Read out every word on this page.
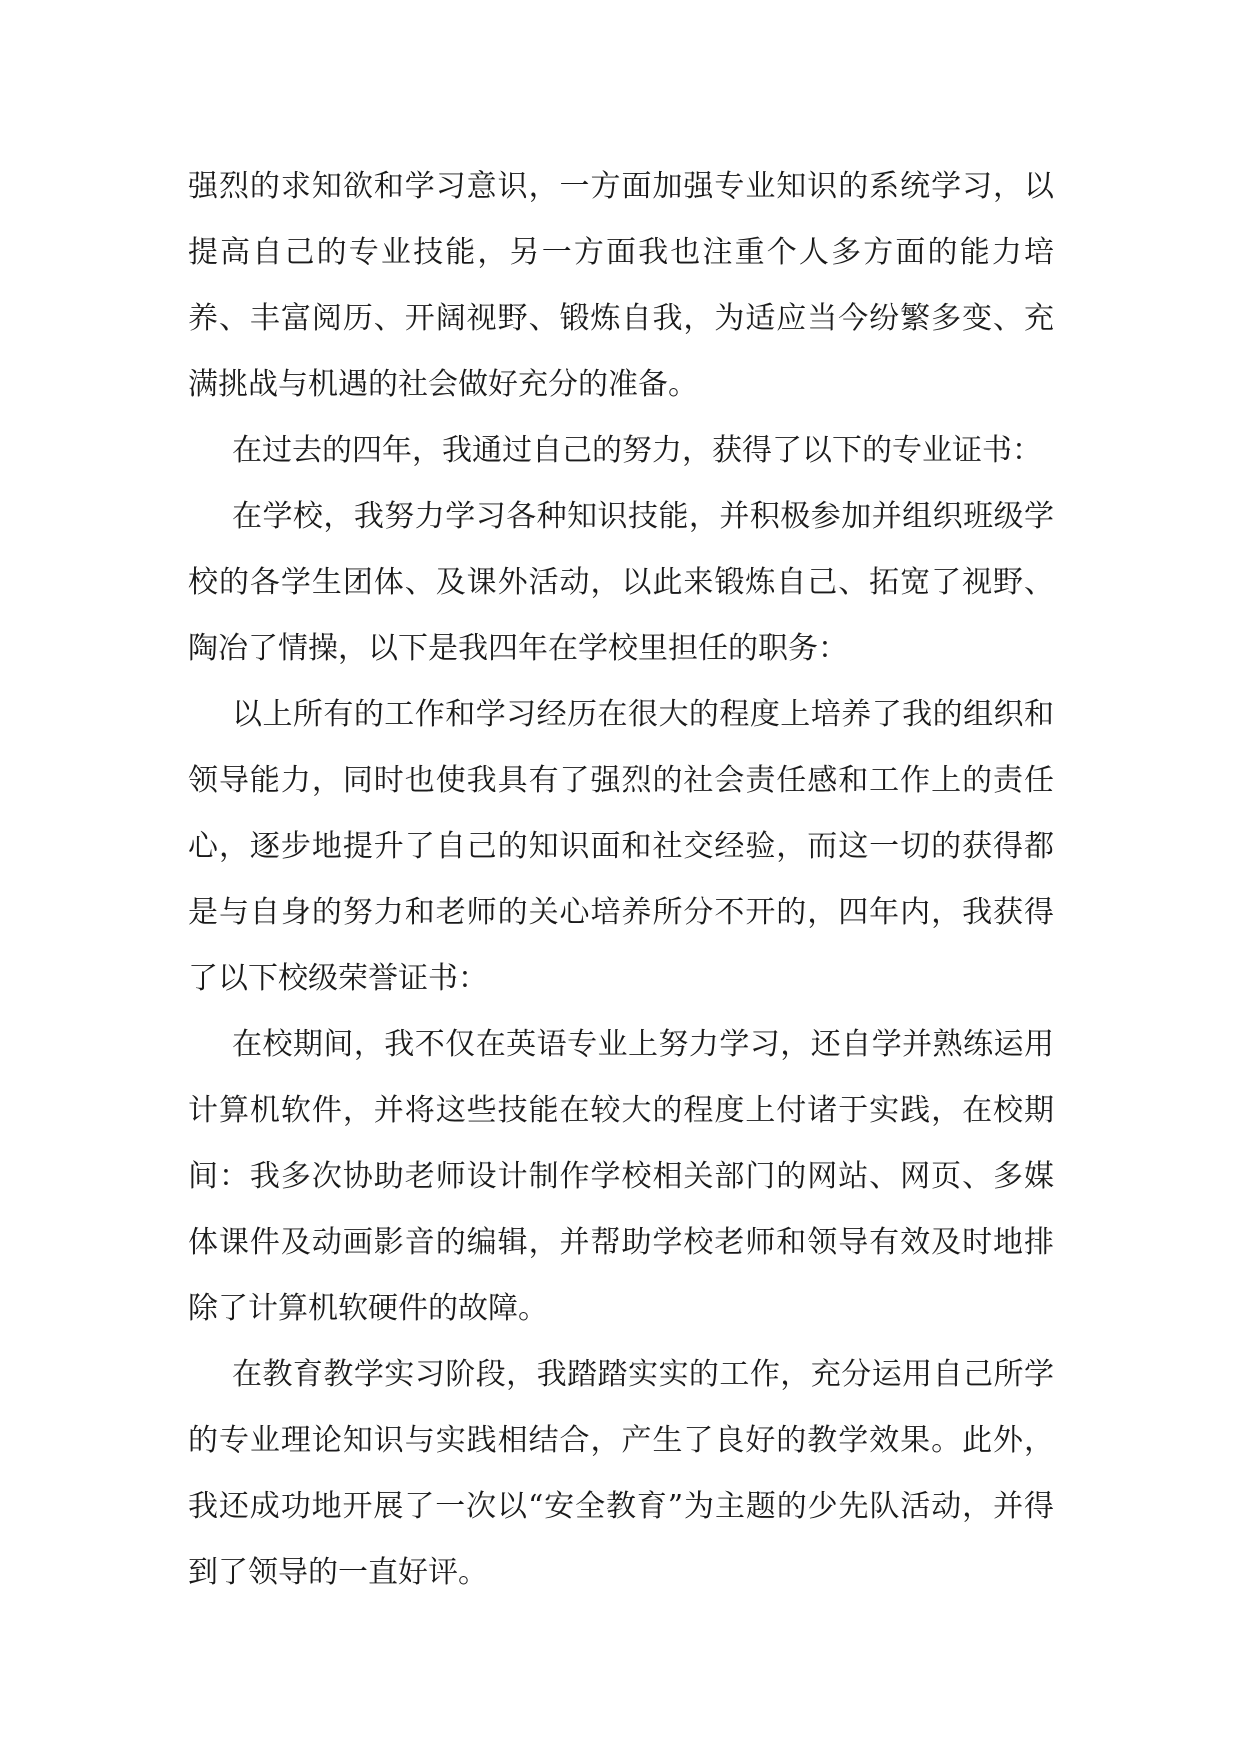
强烈的求知欲和学习意识，一方面加强专业知识的系统学习，以提高自己的专业技能，另一方面我也注重个人多方面的能力培养、丰富阅历、开阔视野、锻炼自我，为适应当今纷繁多变、充满挑战与机遇的社会做好充分的准备。

在过去的四年，我通过自己的努力，获得了以下的专业证书：

在学校，我努力学习各种知识技能，并积极参加并组织班级学校的各学生团体、及课外活动，以此来锻炼自己、拓宽了视野、陶冶了情操，以下是我四年在学校里担任的职务：

以上所有的工作和学习经历在很大的程度上培养了我的组织和领导能力，同时也使我具有了强烈的社会责任感和工作上的责任心，逐步地提升了自己的知识面和社交经验，而这一切的获得都是与自身的努力和老师的关心培养所分不开的，四年内，我获得了以下校级荣誉证书：

在校期间，我不仅在英语专业上努力学习，还自学并熟练运用计算机软件，并将这些技能在较大的程度上付诸于实践，在校期间：我多次协助老师设计制作学校相关部门的网站、网页、多媒体课件及动画影音的编辑，并帮助学校老师和领导有效及时地排除了计算机软硬件的故障。

在教育教学实习阶段，我踏踏实实的工作，充分运用自己所学的专业理论知识与实践相结合，产生了良好的教学效果。此外，我还成功地开展了一次以“安全教育”为主题的少先队活动，并得到了领导的一直好评。
